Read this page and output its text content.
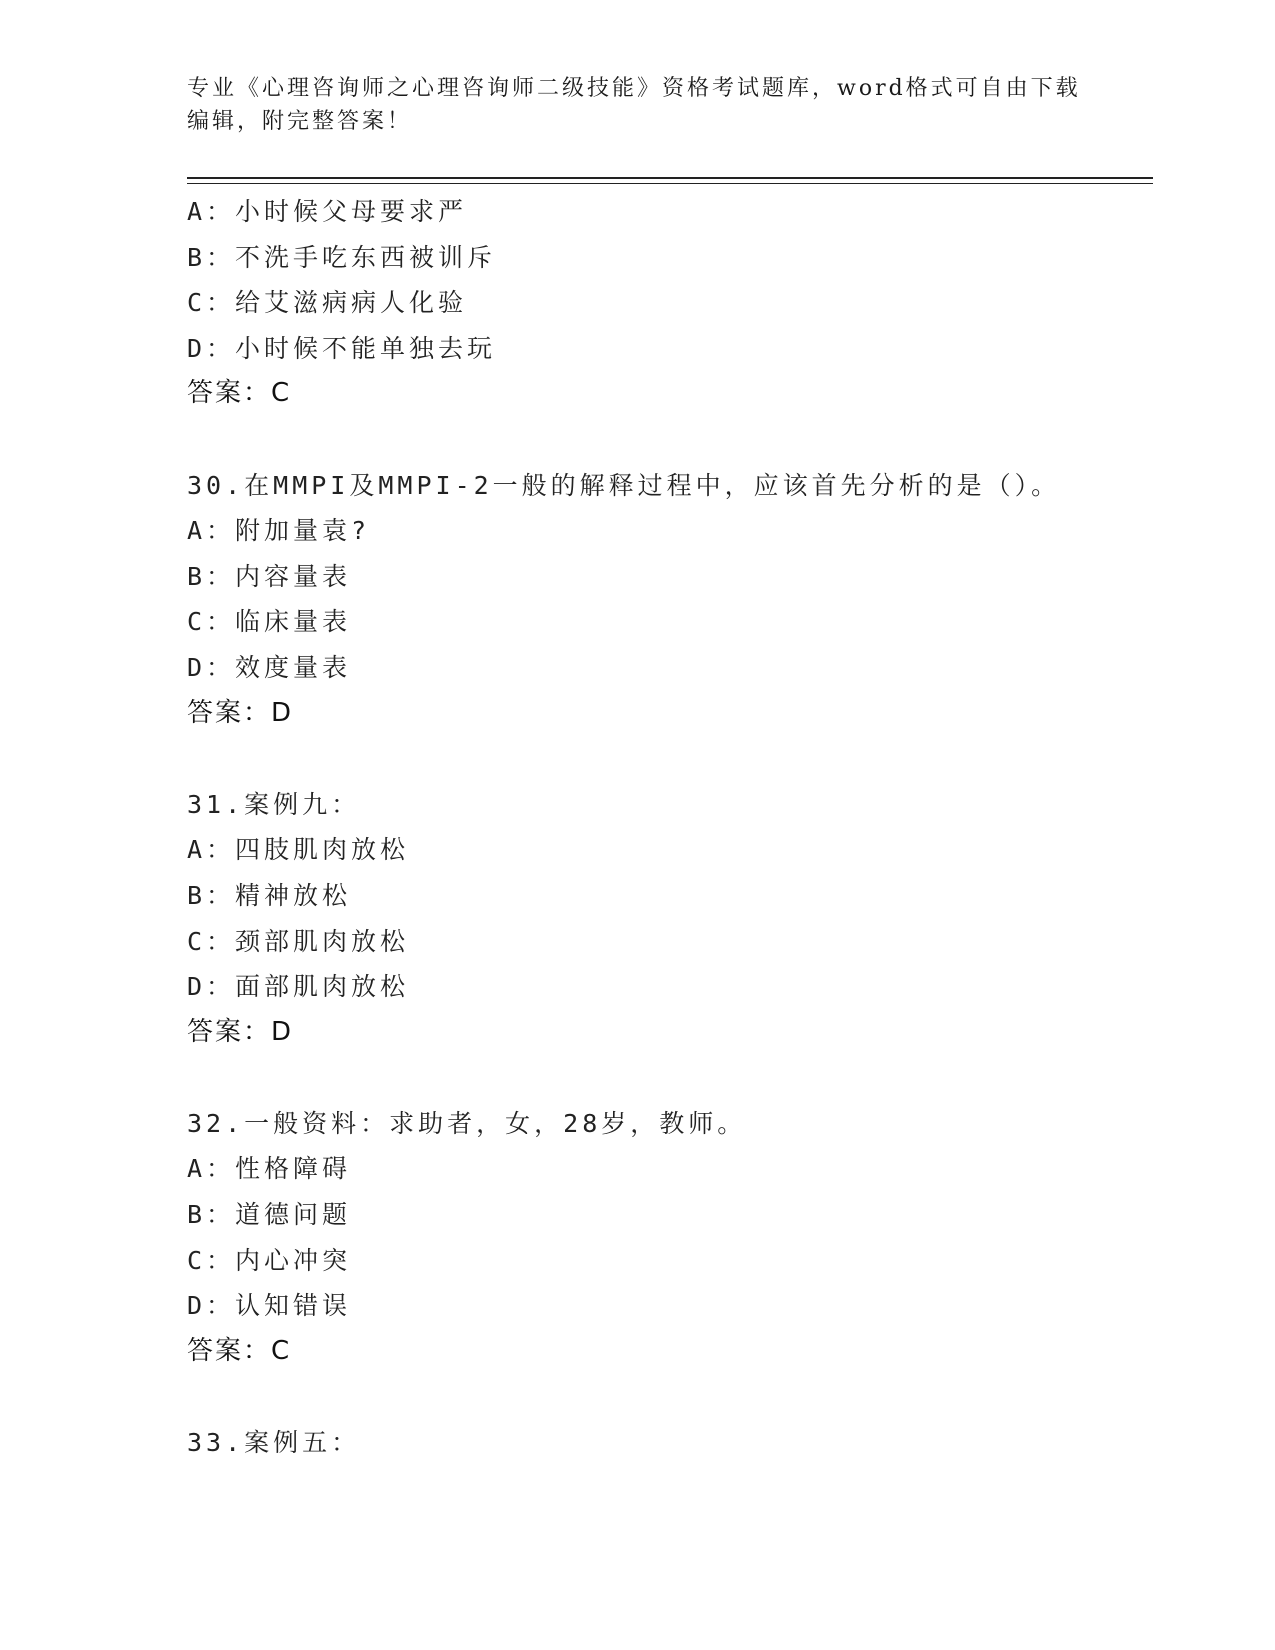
专业《心理咨询师之心理咨询师二级技能》资格考试题库，word格式可自由下载
编辑，附完整答案！
A：小时候父母要求严
B：不洗手吃东西被训斥
C：给艾滋病病人化验
D：小时候不能单独去玩
答案：C
30.在MMPI及MMPI-2一般的解释过程中，应该首先分析的是（）。
A：附加量袁?
B：内容量表
C：临床量表
D：效度量表
答案：D
31.案例九：
A：四肢肌肉放松
B：精神放松
C：颈部肌肉放松
D：面部肌肉放松
答案：D
32.一般资料：求助者，女，28岁，教师。
A：性格障碍
B：道德问题
C：内心冲突
D：认知错误
答案：C
33.案例五：
